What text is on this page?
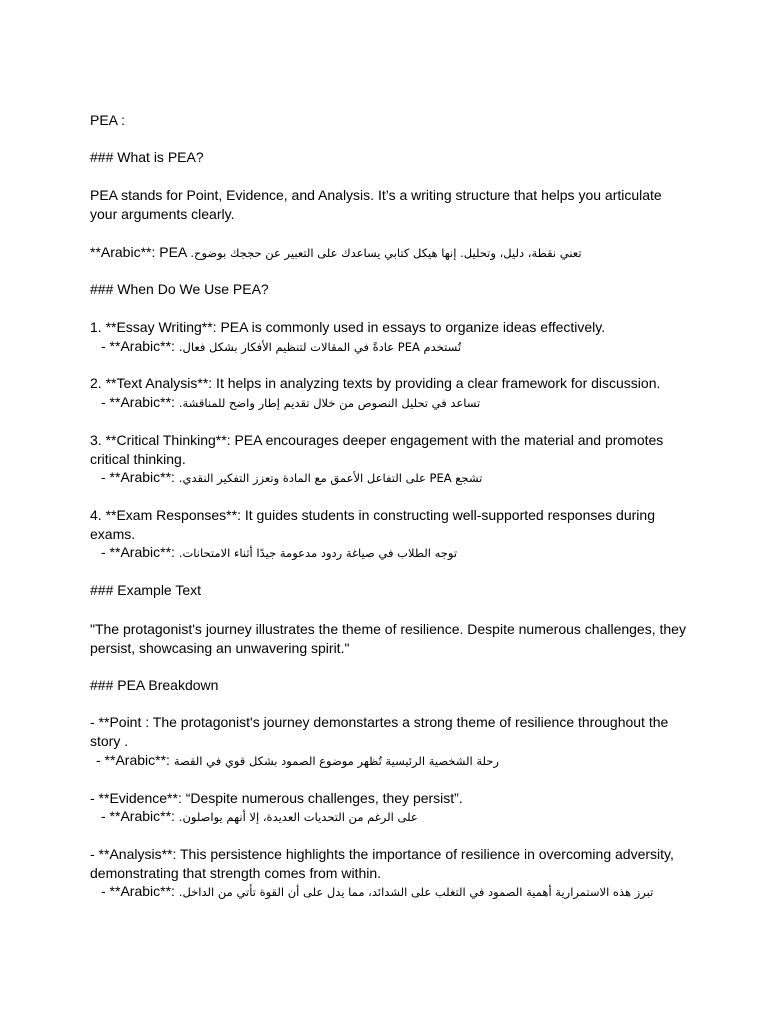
PEA :
### What is PEA?
PEA stands for Point, Evidence, and Analysis. It’s a writing structure that helps you articulate
your arguments clearly.
**Arabic**: PEA تعني نقطة، دليل، وتحليل. إنها هيكل كتابي يساعدك على التعبير عن حججك بوضوح.
### When Do We Use PEA?
1. **Essay Writing**: PEA is commonly used in essays to organize ideas effectively.
- **Arabic**: تُستخدم PEA عادةً في المقالات لتنظيم الأفكار بشكل فعال.
2. **Text Analysis**: It helps in analyzing texts by providing a clear framework for discussion.
- **Arabic**: تساعد في تحليل النصوص من خلال تقديم إطار واضح للمناقشة.
3. **Critical Thinking**: PEA encourages deeper engagement with the material and promotes
critical thinking.
- **Arabic**: تشجع PEA على التفاعل الأعمق مع المادة وتعزز التفكير النقدي.
4. **Exam Responses**: It guides students in constructing well-supported responses during
exams.
- **Arabic**: توجه الطلاب في صياغة ردود مدعومة جيدًا أثناء الامتحانات.
### Example Text
"The protagonist's journey illustrates the theme of resilience. Despite numerous challenges, they
persist, showcasing an unwavering spirit."
### PEA Breakdown
- **Point : The protagonist's journey demonstartes a strong theme of resilience throughout the
story .
- **Arabic**: رحلة الشخصية الرئيسية تُظهر موضوع الصمود بشكل قوي في القصة
- **Evidence**: “Despite numerous challenges, they persist”.
- **Arabic**: على الرغم من التحديات العديدة، إلا أنهم يواصلون.
- **Analysis**: This persistence highlights the importance of resilience in overcoming adversity,
demonstrating that strength comes from within.
- **Arabic**: تبرز هذه الاستمرارية أهمية الصمود في التغلب على الشدائد، مما يدل على أن القوة تأتي من الداخل.
